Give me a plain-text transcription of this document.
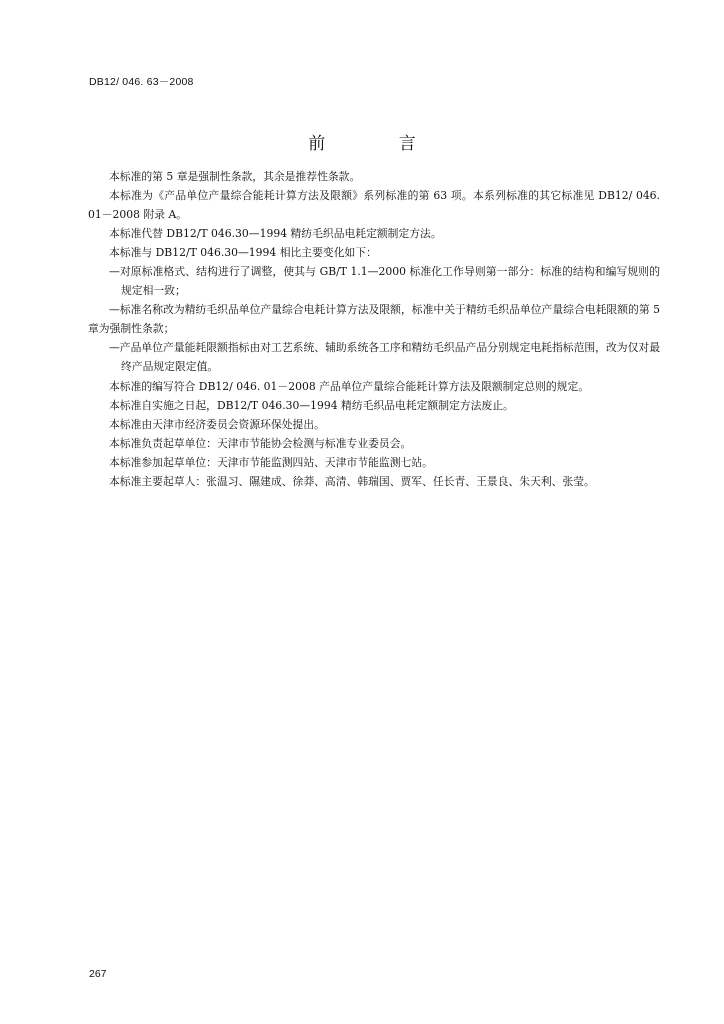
DB12/ 046. 63－2008
前 言

本标准的第 5 章是强制性条款，其余是推荐性条款。

本标准为《产品单位产量综合能耗计算方法及限额》系列标准的第 63 项。本系列标准的其它标准见 DB12/ 046. 01－2008 附录 A。

本标准代替 DB12/T 046.30—1994 精纺毛织品电耗定额制定方法。

本标准与 DB12/T 046.30—1994 相比主要变化如下：

—对原标准格式、结构进行了调整，使其与 GB/T 1.1—2000 标准化工作导则第一部分：标准的结构和编写规则的规定相一致；

—标准名称改为精纺毛织品单位产量综合电耗计算方法及限额，标准中关于精纺毛织品单位产量综合电耗限额的第 5 章为强制性条款；

—产品单位产量能耗限额指标由对工艺系统、辅助系统各工序和精纺毛织品产品分别规定电耗指标范围，改为仅对最终产品规定限定值。

本标准的编写符合 DB12/ 046. 01－2008 产品单位产量综合能耗计算方法及限额制定总则的规定。

本标准自实施之日起，DB12/T 046.30—1994 精纺毛织品电耗定额制定方法废止。

本标准由天津市经济委员会资源环保处提出。

本标准负责起草单位：天津市节能协会检测与标准专业委员会。

本标准参加起草单位：天津市节能监测四站、天津市节能监测七站。

本标准主要起草人：张温习、隰建成、徐莽、高清、韩瑞国、贾军、任长青、王景良、朱天利、张莹。

267
